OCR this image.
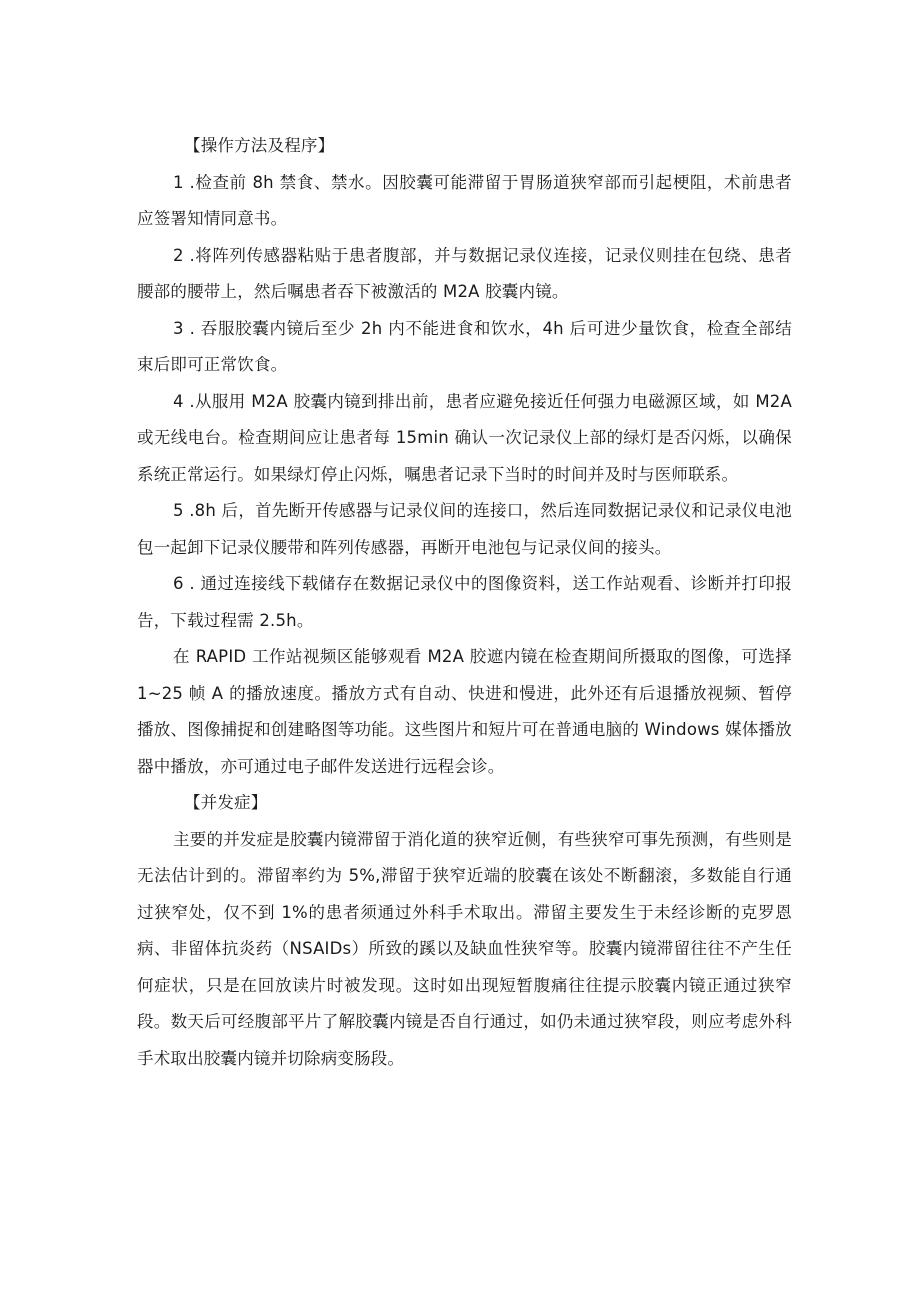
【操作方法及程序】

1 .检查前 8h 禁食、禁水。因胶囊可能滞留于胃肠道狭窄部而引起梗阻，术前患者应签署知情同意书。

2 .将阵列传感器粘贴于患者腹部，并与数据记录仪连接，记录仪则挂在包绕、患者腰部的腰带上，然后嘱患者吞下被激活的 M2A 胶囊内镜。

3 . 吞服胶囊内镜后至少 2h 内不能进食和饮水，4h 后可进少量饮食，检查全部结束后即可正常饮食。

4 .从服用 M2A 胶囊内镜到排出前，患者应避免接近任何强力电磁源区域，如 M2A 或无线电台。检查期间应让患者每 15min 确认一次记录仪上部的绿灯是否闪烁，以确保系统正常运行。如果绿灯停止闪烁，嘱患者记录下当时的时间并及时与医师联系。

5 .8h 后，首先断开传感器与记录仪间的连接口，然后连同数据记录仪和记录仪电池包一起卸下记录仪腰带和阵列传感器，再断开电池包与记录仪间的接头。

6 . 通过连接线下载储存在数据记录仪中的图像资料，送工作站观看、诊断并打印报告，下载过程需 2.5h。

在 RAPID 工作站视频区能够观看 M2A 胶遮内镜在检查期间所摄取的图像，可选择 1~25 帧 A 的播放速度。播放方式有自动、快进和慢进，此外还有后退播放视频、暂停播放、图像捕捉和创建略图等功能。这些图片和短片可在普通电脑的 Windows 媒体播放器中播放，亦可通过电子邮件发送进行远程会诊。

【并发症】

主要的并发症是胶囊内镜滞留于消化道的狭窄近侧，有些狭窄可事先预测，有些则是无法估计到的。滞留率约为 5%,滞留于狭窄近端的胶囊在该处不断翻滚，多数能自行通过狭窄处，仅不到 1%的患者须通过外科手术取出。滞留主要发生于未经诊断的克罗恩病、非留体抗炎药（NSAIDs）所致的蹊以及缺血性狭窄等。胶囊内镜滞留往往不产生任何症状，只是在回放读片时被发现。这时如出现短暂腹痛往往提示胶囊内镜正通过狭窄段。数天后可经腹部平片了解胶囊内镜是否自行通过，如仍未通过狭窄段，则应考虑外科手术取出胶囊内镜并切除病变肠段。
